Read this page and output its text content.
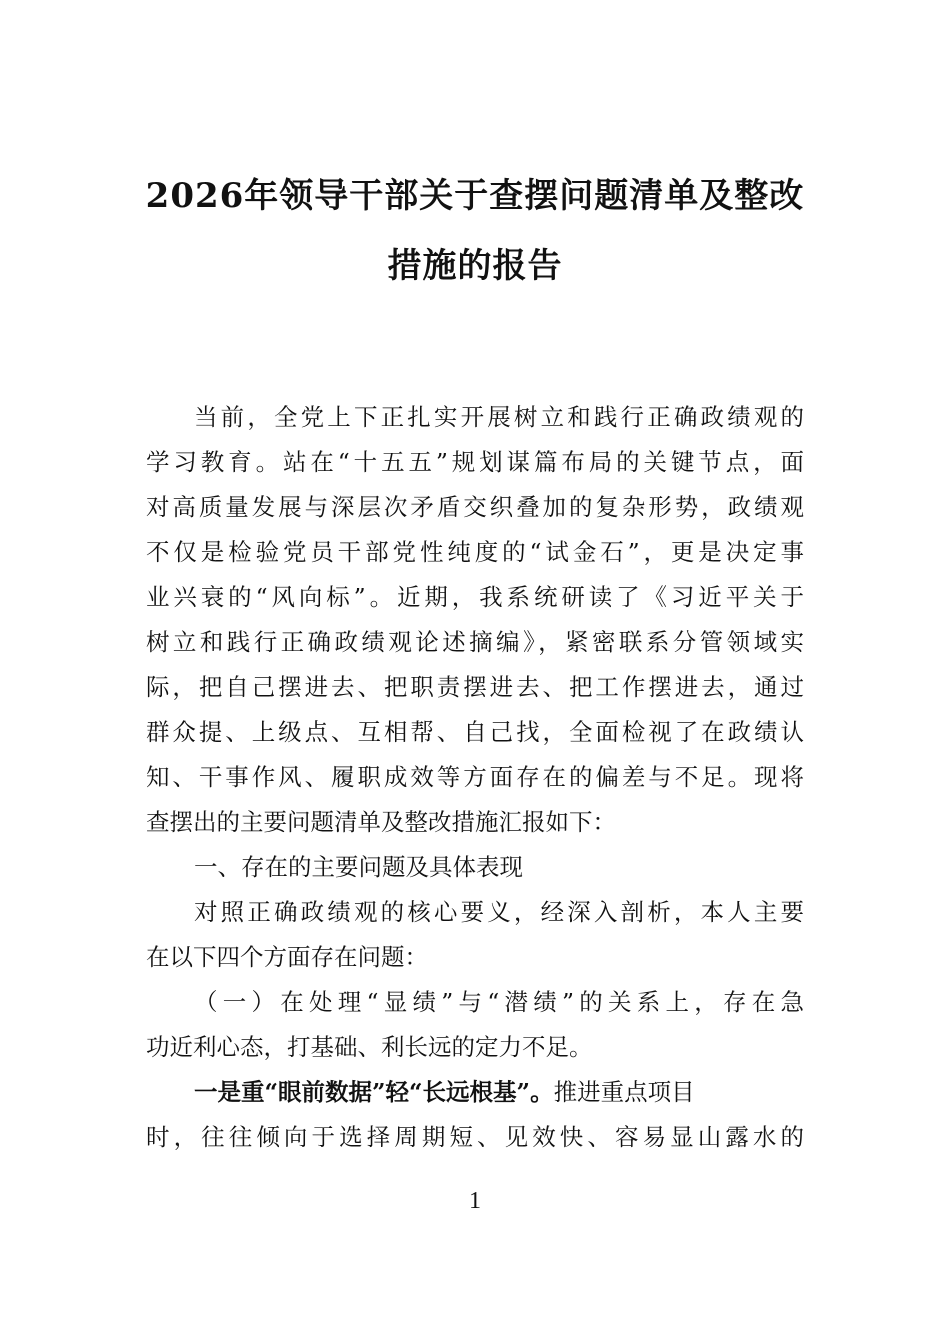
2026年领导干部关于查摆问题清单及整改
措施的报告
当前，全党上下正扎实开展树立和践行正确政绩观的
学习教育。站在“十五五”规划谋篇布局的关键节点，面
对高质量发展与深层次矛盾交织叠加的复杂形势，政绩观
不仅是检验党员干部党性纯度的“试金石”，更是决定事
业兴衰的“风向标”。近期，我系统研读了《习近平关于
树立和践行正确政绩观论述摘编》，紧密联系分管领域实
际，把自己摆进去、把职责摆进去、把工作摆进去，通过
群众提、上级点、互相帮、自己找，全面检视了在政绩认
知、干事作风、履职成效等方面存在的偏差与不足。现将
查摆出的主要问题清单及整改措施汇报如下：
一、存在的主要问题及具体表现
对照正确政绩观的核心要义，经深入剖析，本人主要
在以下四个方面存在问题：
（一）在处理“显绩”与“潜绩”的关系上，存在急
功近利心态，打基础、利长远的定力不足。
一是重“眼前数据”轻“长远根基”。推进重点项目
时，往往倾向于选择周期短、见效快、容易显山露水的
1
